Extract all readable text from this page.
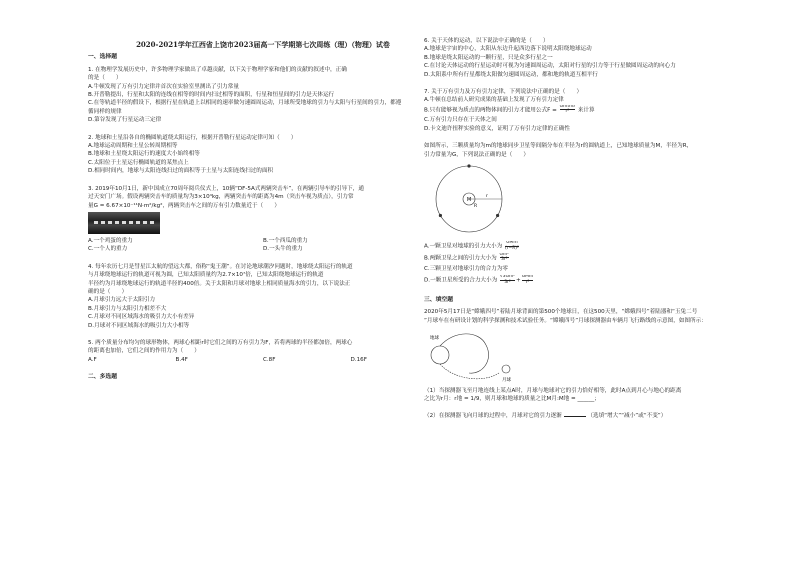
2020-2021学年江西省上饶市2023届高一下学期第七次周练（理）（物理）试卷
一、选择题
1. 在物理学发展历史中，许多物理学家做出了卓越贡献，以下关于物理学家和他们的贡献的叙述中，正确
的是（　　）
A.牛顿发现了万有引力定律并首次在实验室里测出了引力常量
B.开普勒提出，行星和太阳的连线在相等的时间内扫过相等的面积，行星和恒星间的引力是天体运行
C.在等轨道半径的假设下，根据行星在轨道上以相同的速率做匀速圆周运动，月球所受地球的引力与太阳与行星间的引力，都遵
循同样的规律
D.第谷发现了行星运动三定律
2. 地球和土星沿各自的椭圆轨道绕太阳运行，根据开普勒行星运动定律可知（　　）
A.地球运动周期和土星公转周期相等
B.地球和土星绕太阳运行的速度大小始终相等
C.太阳位于土星运行椭圆轨道的某焦点上
D.相同时间内，地球与太阳连线扫过的面积等于土星与太阳连线扫过的面积
3. 2019年10月1日，新中国成立70周年阅兵仪式上，10辆“DF-5A式两辆突击车”，在两辆引导车的引导下，通
过天安门广场。假设两辆突击车的质量均为3×10⁴kg，两辆突击车的距离为4m（突击车视为质点），引力常
量G = 6.67×10⁻¹¹N·m²/kg²，两辆突击车之间的万有引力数量近于（　　）
A.一个鸡蛋的重力	B.一个西瓜的重力
C.一个人的重力	D.一头牛的重力
4. 每年农历七月是彗星江太航的望远大都，俗称“鬼王潮”。在讨论地球潮汐问题时，地球绕太阳运行的轨道
与月球绕地球运行的轨道可视为圆，已知太阳质量约为2.7×10⁷倍，已知太阳绕地球运行的轨道
半径约为月球绕地球运行的轨道半径的400倍。关于太阳和月球对地球上相同质量海水的引力，以下说法正
确的是（　　）
A.月球引力远大于太阳引力
B.月球引力与太阳引力相差不大
C.月球对不同区域海水的吸引力大小有差异
D.月球对不同区域海水的吸引力大小相等
5. 两个质量分布均匀的球形物体，两球心相距r时它们之间的万有引力为F，若将两球的半径都加倍，两球心
的距离也加倍，它们之间的作用力为（　　）
A.F	B.4F	C.8F	D.16F
二、多选题
6. 关于天体的运动，以下说法中正确的是（　　）
A.地球是宇宙的中心，太阳从东边升起西边落下说明太阳绕地球运动
B.地球是绕太阳运动的一颗行星，只是众多行星之一
C.在讨论天体运动的行星运动时可视为匀速圆周运动，太阳对行星的引力等于行星做圆周运动的向心力
D.太阳系中所有行星都绕太阳做匀速圆周运动，都和地的轨道互相平行
7. 关于万有引力及万有引力定律，下列说法中正确的是（　　）
A.牛顿在总结前人研究成果的基础上发现了万有引力定律
B.只有能够视为质点的两物体间的引力才能用公式$F = \frac{\text{Gm₁m₂}}{\text{r²}}$ 来计算
C.万有引力只存在于天体之间
D.卡文迪许扭秤实验的意义，证明了万有引力定律的正确性
如图所示，三颗质量均为m的地球同步卫星等间隔分布在半径为r的圆轨道上，已知地球质量为M，半径为R，
引力常量为G，下列说法正确的是（　　）
M
r
R
A.一颗卫星对地球的引力大小为 $\frac{\text{GMm}}{\text{(r−R)²}}$
B.两颗卫星之间的引力大小为 $\frac{\text{Gm²}}{\text{3r²}}$
C.三颗卫星对地球引力的合力为零
D.一颗卫星所受的合力大小为 $\frac{\text{√3Gm²}}{\text{3r²}}+ \frac{\text{GMm}}{\text{r²}}$
三、填空题
2020年5月17日是“嫦娥四号”着陆月球背面的第500个地球日，在这500天里，“嫦娥四号”着陆器和“玉兔二号
”月球车在有研设计划的科学探测和技术试验任务。“嫦娥四号”月球探测器由车辆月飞行路线的示意图，如图所示：
地球
月球
（1）当探测器飞至月地连线上某点A时，月球与地球对它的引力恰好相等，此时A点到月心与地心的距离
之比为r月：r地 = 1/9，则月球和地球的质量之比M月:M地 = ______；
（2）在探测器飞向月球的过程中，月球对它的引力逐渐	（选填“增大”“减小”或“不变”）
